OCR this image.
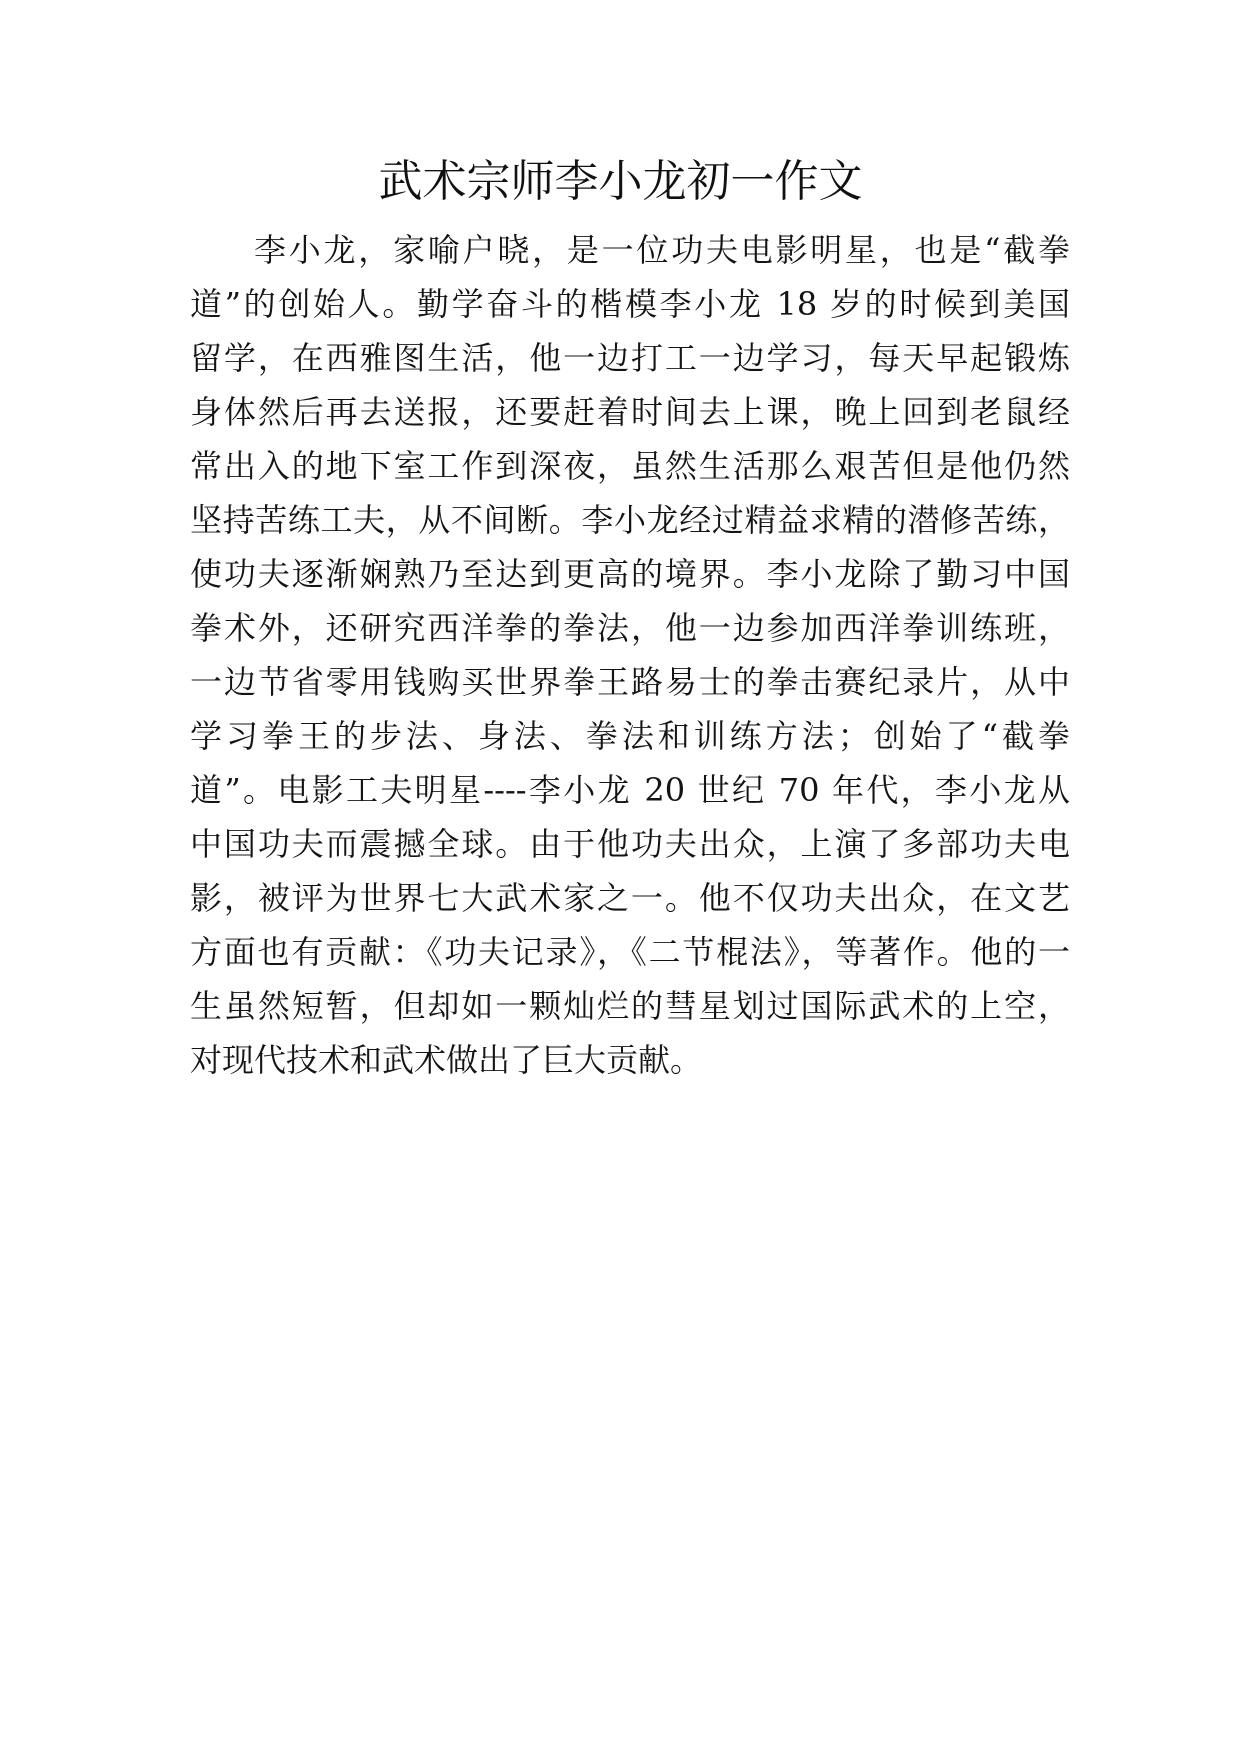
武术宗师李小龙初一作文
李小龙，家喻户晓，是一位功夫电影明星，也是“截拳
道”的创始人。勤学奋斗的楷模李小龙 18 岁的时候到美国
留学，在西雅图生活，他一边打工一边学习，每天早起锻炼
身体然后再去送报，还要赶着时间去上课，晚上回到老鼠经
常出入的地下室工作到深夜，虽然生活那么艰苦但是他仍然
坚持苦练工夫，从不间断。李小龙经过精益求精的潜修苦练，
使功夫逐渐娴熟乃至达到更高的境界。李小龙除了勤习中国
拳术外，还研究西洋拳的拳法，他一边参加西洋拳训练班，
一边节省零用钱购买世界拳王路易士的拳击赛纪录片，从中
学习拳王的步法、身法、拳法和训练方法；创始了“截拳
道”。电影工夫明星----李小龙 20 世纪 70 年代，李小龙从
中国功夫而震撼全球。由于他功夫出众，上演了多部功夫电
影，被评为世界七大武术家之一。他不仅功夫出众，在文艺
方面也有贡献：《功夫记录》，《二节棍法》，等著作。他的一
生虽然短暂，但却如一颗灿烂的彗星划过国际武术的上空，
对现代技术和武术做出了巨大贡献。
